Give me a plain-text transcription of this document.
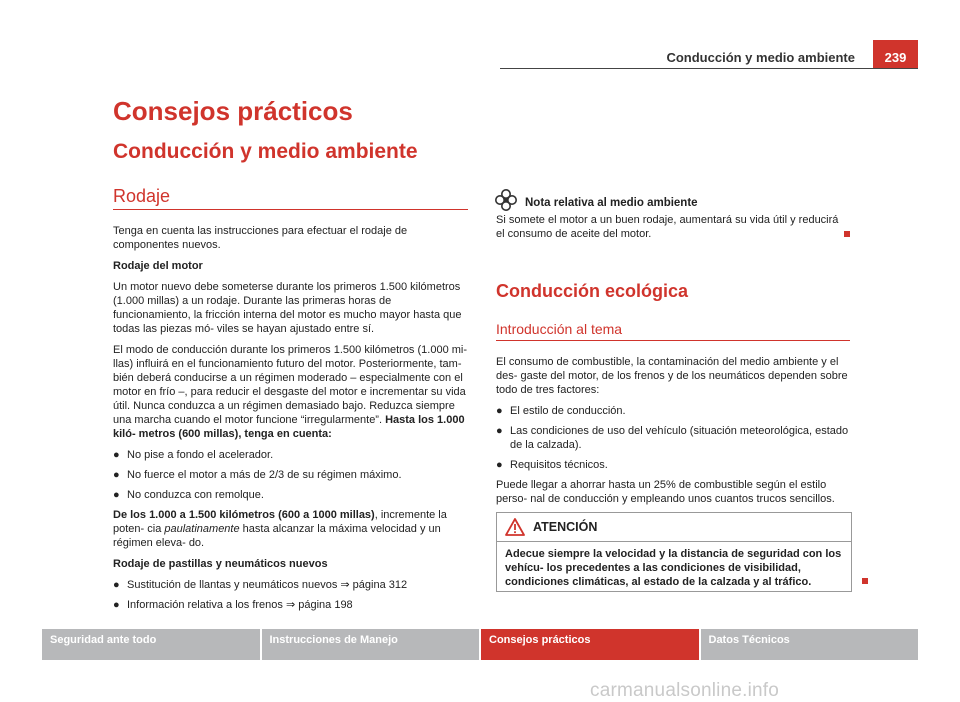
Conducción y medio ambiente	239
Consejos prácticos
Conducción y medio ambiente
Rodaje

Tenga en cuenta las instrucciones para efectuar el rodaje de componentes nuevos.

Rodaje del motor

Un motor nuevo debe someterse durante los primeros 1.500 kilómetros (1.000 millas) a un rodaje. Durante las primeras horas de funcionamiento, la fricción interna del motor es mucho mayor hasta que todas las piezas mó- viles se hayan ajustado entre sí.

El modo de conducción durante los primeros 1.500 kilómetros (1.000 mi- llas) influirá en el funcionamiento futuro del motor. Posteriormente, tam- bién deberá conducirse a un régimen moderado – especialmente con el motor en frío –, para reducir el desgaste del motor e incrementar su vida útil. Nunca conduzca a un régimen demasiado bajo. Reduzca siempre una marcha cuando el motor funcione “irregularmente”. Hasta los 1.000 kiló- metros (600 millas), tenga en cuenta:

● No pise a fondo el acelerador.
● No fuerce el motor a más de 2/3 de su régimen máximo.
● No conduzca con remolque.

De los 1.000 a 1.500 kilómetros (600 a 1000 millas), incremente la poten- cia paulatinamente hasta alcanzar la máxima velocidad y un régimen eleva- do.

Rodaje de pastillas y neumáticos nuevos

● Sustitución de llantas y neumáticos nuevos ⇒ página 312
● Información relativa a los frenos ⇒ página 198
Nota relativa al medio ambiente
Si somete el motor a un buen rodaje, aumentará su vida útil y reducirá el consumo de aceite del motor.
Conducción ecológica
Introducción al tema

El consumo de combustible, la contaminación del medio ambiente y el des- gaste del motor, de los frenos y de los neumáticos dependen sobre todo de tres factores:

● El estilo de conducción.
● Las condiciones de uso del vehículo (situación meteorológica, estado de la calzada).
● Requisitos técnicos.

Puede llegar a ahorrar hasta un 25% de combustible según el estilo perso- nal de conducción y empleando unos cuantos trucos sencillos.

ATENCIÓN
Adecue siempre la velocidad y la distancia de seguridad con los vehícu- los precedentes a las condiciones de visibilidad, condiciones climáticas, al estado de la calzada y al tráfico.
Seguridad ante todo	Instrucciones de Manejo	Consejos prácticos	Datos Técnicos
carmanualsonline.info
